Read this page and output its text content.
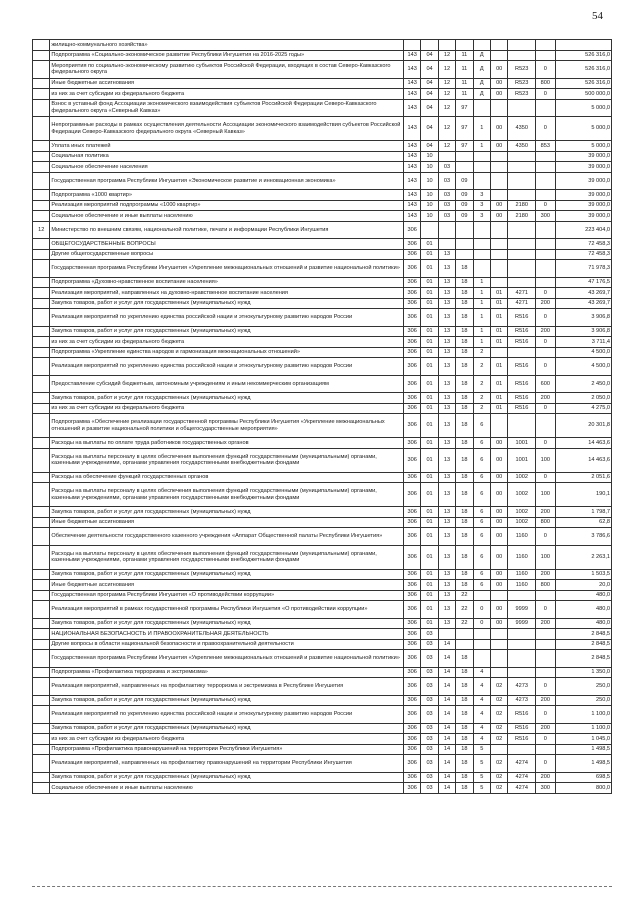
54
	жилищно-коммунального хозяйства»									
	Подпрограмма «Социально-экономическое развитие Республики Ингушетия на 2016-2025 годы»	143	04	12	11	Д				526 316,0
	Мероприятия по социально-экономическому развитию субъектов Российской Федерации, входящих в состав Северо-Кавказского федерального округа	143	04	12	11	Д	00	R523	0	526 316,0
	Иные бюджетные ассигнования	143	04	12	11	Д	00	R523	800	526 316,0
	из них за счет субсидии из федерального бюджета	143	04	12	11	Д	00	R523	0	500 000,0
	Взнос в уставный фонд Ассоциации экономического взаимодействия субъектов Российской Федерации Северо-Кавказского федерального округа «Северный Кавказ»	143	04	12	97					5 000,0
	Непрограммные расходы в рамках осуществления деятельности Ассоциации экономического взаимодействия субъектов Российской Федерации Северо-Кавказского федерального округа «Северный Кавказ»	143	04	12	97	1	00	4350	0	5 000,0
	Уплата иных платежей	143	04	12	97	1	00	4350	853	5 000,0
	Социальная политика	143	10							39 000,0
	Социальное обеспечение населения	143	10	03						39 000,0
	Государственная программа Республики Ингушетия «Экономическое развитие и инновационная экономика»	143	10	03	09					39 000,0
	Подпрограмма «1000 квартир»	143	10	03	09	3				39 000,0
	Реализация мероприятий подпрограммы «1000 квартир»	143	10	03	09	3	00	2180	0	39 000,0
	Социальное обеспечение и иные выплаты населению	143	10	03	09	3	00	2180	300	39 000,0
12	Министерство по внешним связям, национальной политике, печати и информации Республики Ингушетия	306								223 404,0
	ОБЩЕГОСУДАРСТВЕННЫЕ ВОПРОСЫ	306	01							72 458,3
	Другие общегосударственные вопросы	306	01	13						72 458,3
	Государственная программа Республики Ингушетия «Укрепление межнациональных отношений и развитие национальной политики»	306	01	13	18					71 978,3
	Подпрограмма «Духовно-нравственное воспитание населения»	306	01	13	18	1				47 176,5
	Реализация мероприятий, направленных на духовно-нравственное воспитание населения	306	01	13	18	1	01	4271	0	43 269,7
	Закупка товаров, работ и услуг для государственных (муниципальных) нужд	306	01	13	18	1	01	4271	200	43 269,7
	Реализация мероприятий по укреплению единства российской нации и этнокультурному развитию народов России	306	01	13	18	1	01	R516	0	3 906,8
	Закупка товаров, работ и услуг для государственных (муниципальных) нужд	306	01	13	18	1	01	R516	200	3 906,8
	из них за счет субсидии из федерального бюджета	306	01	13	18	1	01	R516	0	3 711,4
	Подпрограмма «Укрепление единства народов и гармонизация межнациональных отношений»	306	01	13	18	2				4 500,0
	Реализация мероприятий по укреплению единства российской нации и этнокультурному развитию народов России	306	01	13	18	2	01	R516	0	4 500,0
	Предоставление субсидий бюджетным, автономным учреждениям и иным некоммерческим организациям	306	01	13	18	2	01	R516	600	2 450,0
	Закупка товаров, работ и услуг для государственных (муниципальных) нужд	306	01	13	18	2	01	R516	200	2 050,0
	из них за счет субсидии из федерального бюджета	306	01	13	18	2	01	R516	0	4 275,0
	Подпрограмма «Обеспечение реализации государственной программы Республики Ингушетия «Укрепление межнациональных отношений и развитие национальной политики и общегосударственные мероприятия»	306	01	13	18	6				20 301,8
	Расходы на выплаты по оплате труда работников государственных органов	306	01	13	18	6	00	1001	0	14 463,6
	Расходы на выплаты персоналу в целях обеспечения выполнения функций государственными (муниципальными) органами, казенными учреждениями, органами управления государственными внебюджетными фондами	306	01	13	18	6	00	1001	100	14 463,6
	Расходы на обеспечение функций государственных органов	306	01	13	18	6	00	1002	0	2 051,6
	Расходы на выплаты персоналу в целях обеспечения выполнения функций государственными (муниципальными) органами, казенными учреждениями, органами управления государственными внебюджетными фондами	306	01	13	18	6	00	1002	100	190,1
	Закупка товаров, работ и услуг для государственных (муниципальных) нужд	306	01	13	18	6	00	1002	200	1 798,7
	Иные бюджетные ассигнования	306	01	13	18	6	00	1002	800	62,8
	Обеспечение деятельности государственного казенного учреждения «Аппарат Общественной палаты Республики Ингушетия»	306	01	13	18	6	00	1160	0	3 786,6
	Расходы на выплаты персоналу в целях обеспечения выполнения функций государственными (муниципальными) органами, казенными учреждениями, органами управления государственными внебюджетными фондами	306	01	13	18	6	00	1160	100	2 263,1
	Закупка товаров, работ и услуг для государственных (муниципальных) нужд	306	01	13	18	6	00	1160	200	1 503,5
	Иные бюджетные ассигнования	306	01	13	18	6	00	1160	800	20,0
	Государственная программа Республики Ингушетия «О противодействии коррупции»	306	01	13	22					480,0
	Реализация мероприятий в рамках государственной программы Республики Ингушетия «О противодействии коррупции»	306	01	13	22	0	00	9999	0	480,0
	Закупка товаров, работ и услуг для государственных (муниципальных) нужд	306	01	13	22	0	00	9999	200	480,0
	НАЦИОНАЛЬНАЯ БЕЗОПАСНОСТЬ И ПРАВООХРАНИТЕЛЬНАЯ ДЕЯТЕЛЬНОСТЬ	306	03							2 848,5
	Другие вопросы в области национальной безопасности и правоохранительной деятельности	306	03	14						2 848,5
	Государственная программа Республики Ингушетия «Укрепление межнациональных отношений и развитие национальной политики»	306	03	14	18					2 848,5
	Подпрограмма «Профилактика терроризма и экстремизма»	306	03	14	18	4				1 350,0
	Реализация мероприятий, направленных на профилактику терроризма и экстремизма в Республике Ингушетия	306	03	14	18	4	02	4273	0	250,0
	Закупка товаров, работ и услуг для государственных (муниципальных) нужд	306	03	14	18	4	02	4273	200	250,0
	Реализация мероприятий по укреплению единства российской нации и этнокультурному развитию народов России	306	03	14	18	4	02	R516	0	1 100,0
	Закупка товаров, работ и услуг для государственных (муниципальных) нужд	306	03	14	18	4	02	R516	200	1 100,0
	из них за счет субсидии из федерального бюджета	306	03	14	18	4	02	R516	0	1 045,0
	Подпрограмма «Профилактика правонарушений на территории Республики Ингушетия»	306	03	14	18	5				1 498,5
	Реализация мероприятий, направленных на профилактику правонарушений на территории Республики Ингушетия	306	03	14	18	5	02	4274	0	1 498,5
	Закупка товаров, работ и услуг для государственных (муниципальных) нужд	306	03	14	18	5	02	4274	200	698,5
	Социальное обеспечение и иные выплаты населению	306	03	14	18	5	02	4274	300	800,0
